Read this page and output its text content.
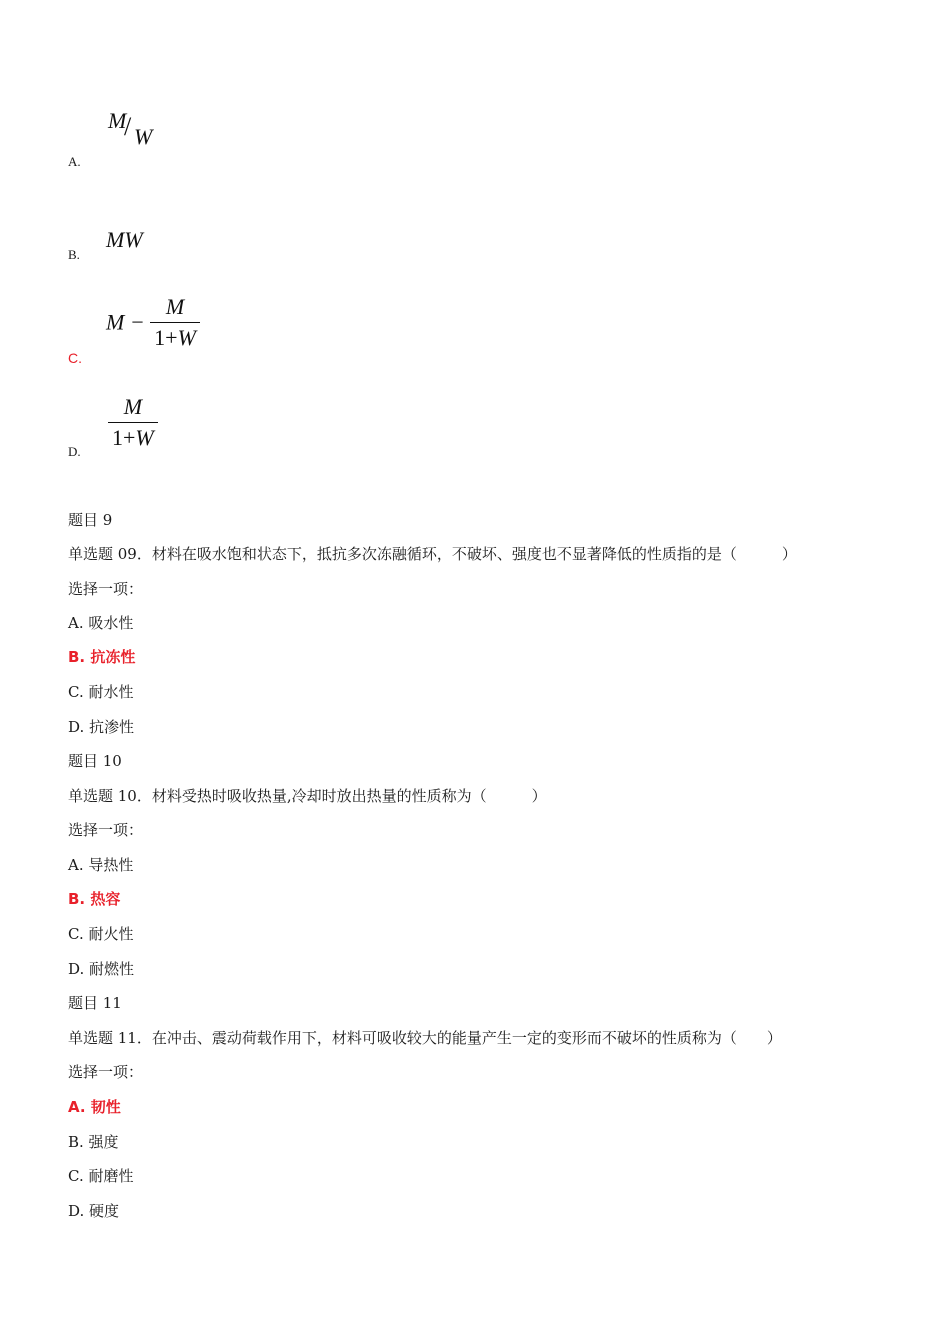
M
/ W
A.
MW
B.
$M - \frac{M}{1+W}$
C.
$\frac{M}{1+W}$
D.
题目 9
单选题 09．材料在吸水饱和状态下，抵抗多次冻融循环，不破坏、强度也不显著降低的性质指的是（　　　）
选择一项：
A. 吸水性
B. 抗冻性
C. 耐水性
D. 抗渗性
题目 10
单选题 10．材料受热时吸收热量,冷却时放出热量的性质称为（　　　）
选择一项：
A. 导热性
B. 热容
C. 耐火性
D. 耐燃性
题目 11
单选题 11．在冲击、震动荷载作用下，材料可吸收较大的能量产生一定的变形而不破坏的性质称为（　　）
选择一项：
A. 韧性
B. 强度
C. 耐磨性
D. 硬度
